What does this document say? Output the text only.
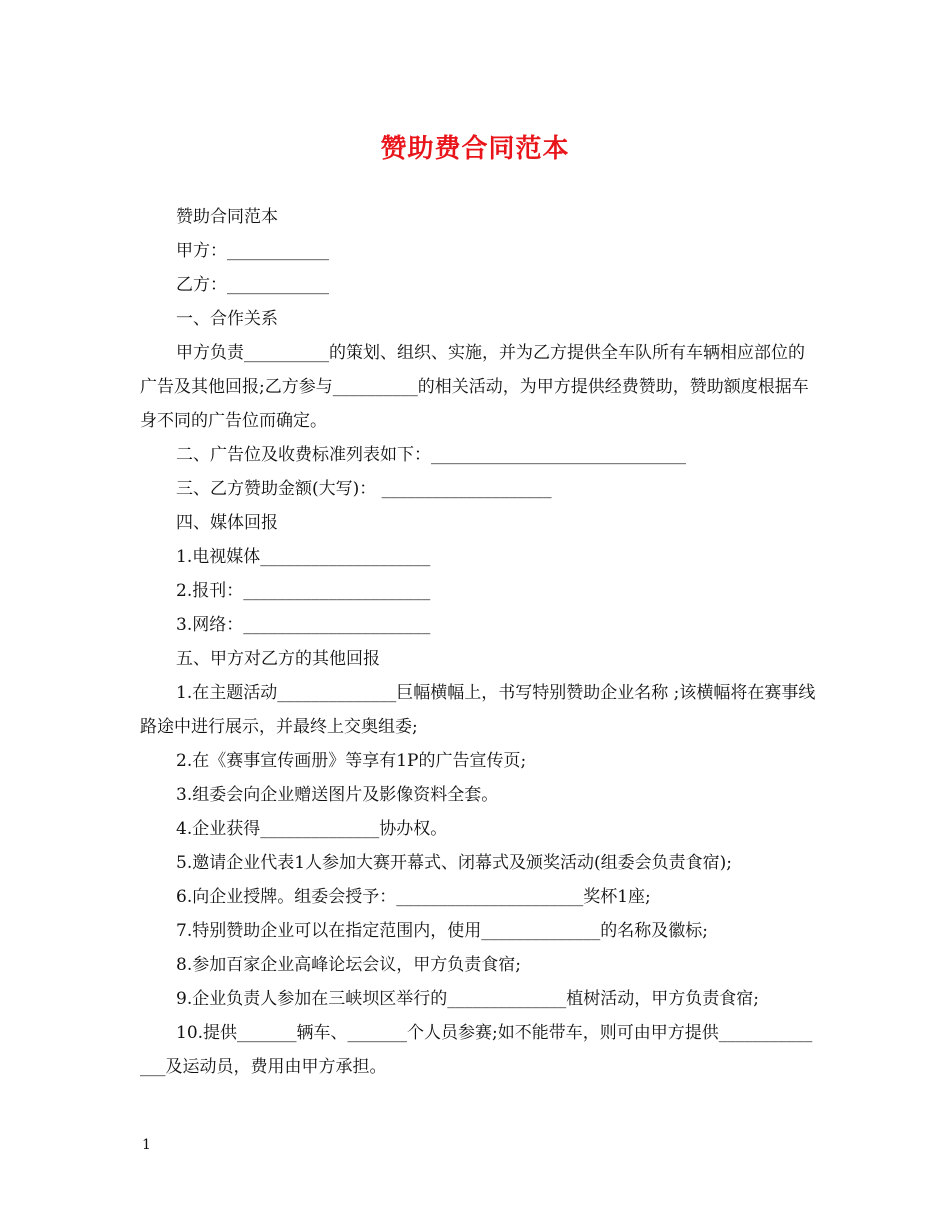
赞助费合同范本

赞助合同范本

甲方：____________

乙方：____________

一、合作关系

甲方负责__________的策划、组织、实施，并为乙方提供全车队所有车辆相应部位的广告及其他回报;乙方参与__________的相关活动，为甲方提供经费赞助，赞助额度根据车身不同的广告位而确定。

二、广告位及收费标准列表如下：______________________________

三、乙方赞助金额(大写)： ____________________

四、媒体回报

1.电视媒体____________________

2.报刊：______________________

3.网络：______________________

五、甲方对乙方的其他回报

1.在主题活动______________巨幅横幅上，书写特别赞助企业名称 ;该横幅将在赛事线路途中进行展示，并最终上交奥组委;

2.在《赛事宣传画册》等享有1P的广告宣传页;

3.组委会向企业赠送图片及影像资料全套。

4.企业获得______________协办权。

5.邀请企业代表1人参加大赛开幕式、闭幕式及颁奖活动(组委会负责食宿);

6.向企业授牌。组委会授予：______________________奖杯1座;

7.特别赞助企业可以在指定范围内，使用______________的名称及徽标;

8.参加百家企业高峰论坛会议，甲方负责食宿;

9.企业负责人参加在三峡坝区举行的______________植树活动，甲方负责食宿;

10.提供_______辆车、_______个人员参赛;如不能带车，则可由甲方提供______________及运动员，费用由甲方承担。

1
